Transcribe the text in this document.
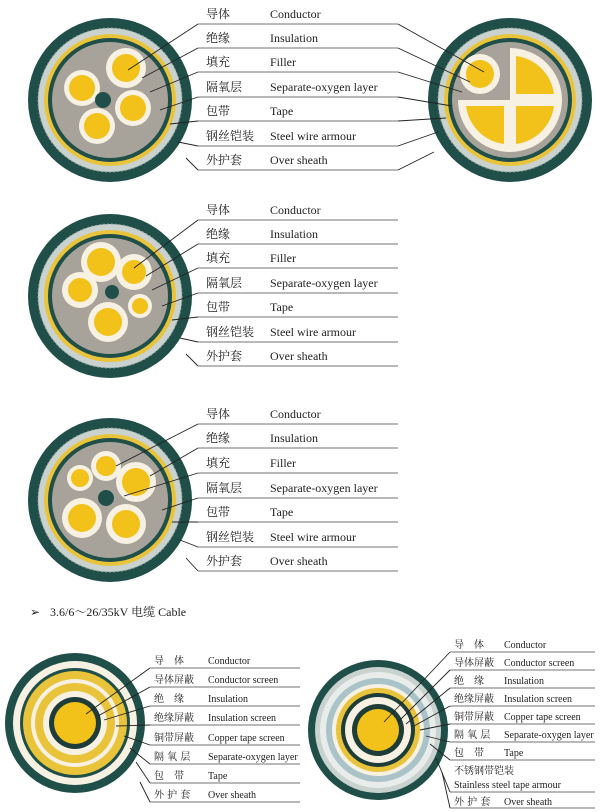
导体	Conductor
绝缘	Insulation
填充	Filler
隔氧层 Separate-oxygen layer
包带	Tape
钢丝铠装 Steel wire armour
外护套 Over sheath
导体	Conductor
绝缘	Insulation
填充	Filler
隔氧层 Separate-oxygen layer
包带	Tape
钢丝铠装 Steel wire armour
外护套 Over sheath
导体	Conductor
绝缘	Insulation
填充	Filler
隔氧层 Separate-oxygen layer
包带	Tape
钢丝铠装 Steel wire armour
外护套 Over sheath
➢ 3.6/6～26/35kV 电缆 Cable
导　体 Conductor
导体屏蔽 Conductor screen
绝　缘 Insulation
绝缘屏蔽 Insulation screen
铜带屏蔽 Copper tape screen
隔 氧 层 Separate-oxygen layer
包　带 Tape
外 护 套 Over sheath
导　体 Conductor
导体屏蔽 Conductor screen
绝　缘 Insulation
绝缘屏蔽 Insulation screen
铜带屏蔽 Copper tape screen
隔 氧 层 Separate-oxygen layer
包　带 Tape
不锈钢带铠装
Stainless steel tape armour
外 护 套 Over sheath
